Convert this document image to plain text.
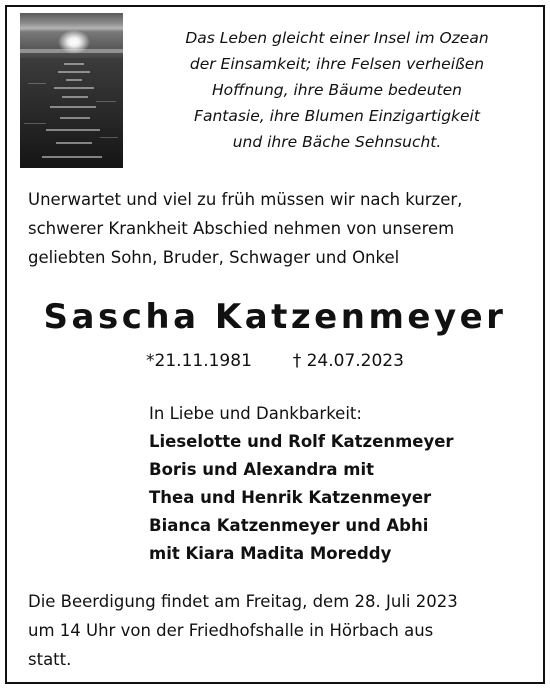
Das Leben gleicht einer Insel im Ozean
der Einsamkeit; ihre Felsen verheißen
Hoffnung, ihre Bäume bedeuten
Fantasie, ihre Blumen Einzigartigkeit
und ihre Bäche Sehnsucht.
Unerwartet und viel zu früh müssen wir nach kurzer,
schwerer Krankheit Abschied nehmen von unserem
geliebten Sohn, Bruder, Schwager und Onkel
Sascha Katzenmeyer
*21.11.1981 † 24.07.2023
In Liebe und Dankbarkeit:
Lieselotte und Rolf Katzenmeyer
Boris und Alexandra mit
Thea und Henrik Katzenmeyer
Bianca Katzenmeyer und Abhi
mit Kiara Madita Moreddy
Die Beerdigung findet am Freitag, dem 28. Juli 2023
um 14 Uhr von der Friedhofshalle in Hörbach aus
statt.
